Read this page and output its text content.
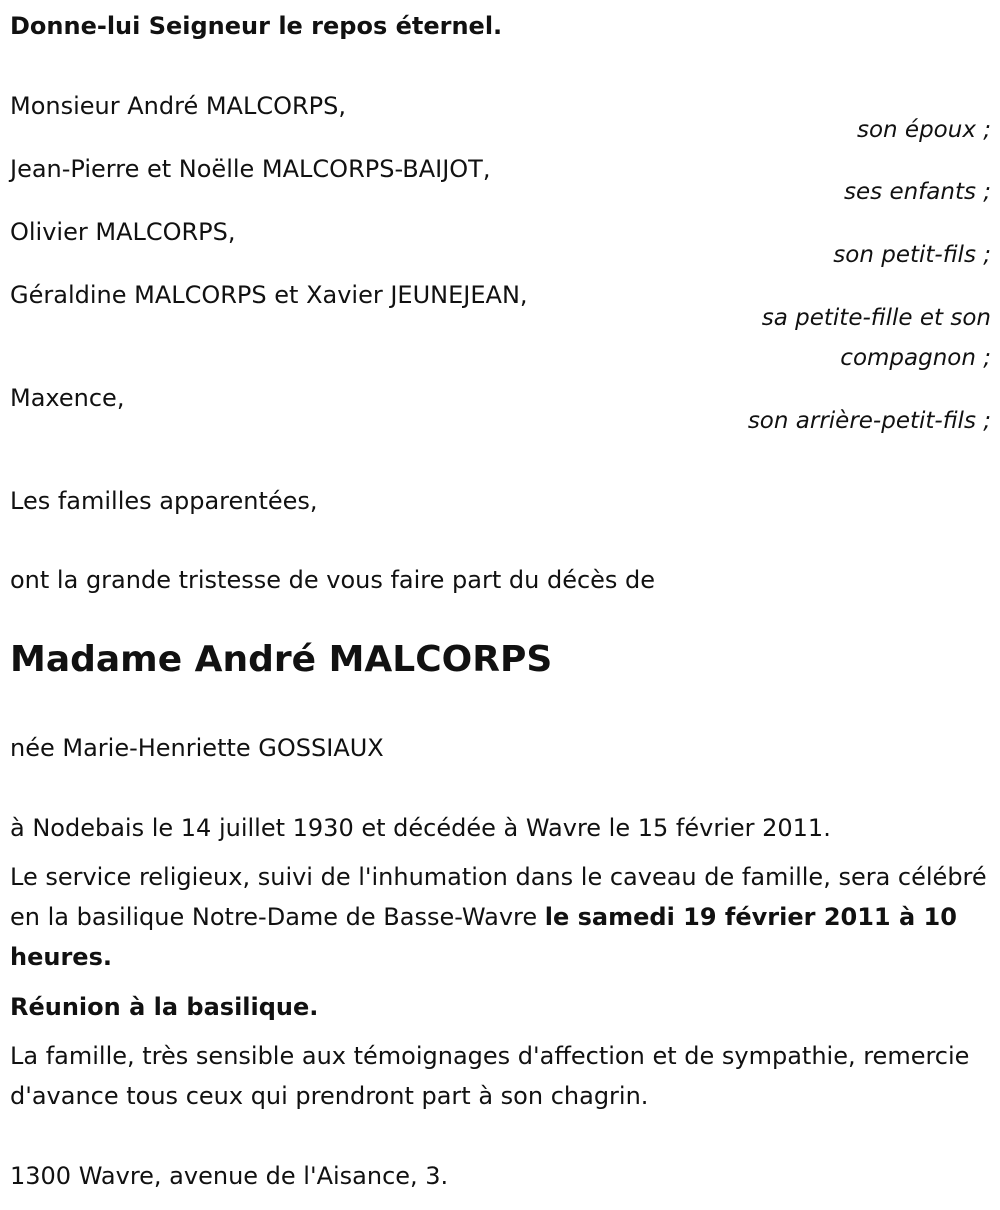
Donne-lui Seigneur le repos éternel.
Monsieur André MALCORPS,
son époux ;
Jean-Pierre et Noëlle MALCORPS-BAIJOT,
ses enfants ;
Olivier MALCORPS,
son petit-fils ;
Géraldine MALCORPS et Xavier JEUNEJEAN,
sa petite-fille et son compagnon ;
Maxence,
son arrière-petit-fils ;
Les familles apparentées,
ont la grande tristesse de vous faire part du décès de
Madame André MALCORPS
née Marie-Henriette GOSSIAUX
à Nodebais le 14 juillet 1930 et décédée à Wavre le 15 février 2011.
Le service religieux, suivi de l'inhumation dans le caveau de famille, sera célébré en la basilique Notre-Dame de Basse-Wavre le samedi 19 février 2011 à 10 heures.
Réunion à la basilique.
La famille, très sensible aux témoignages d'affection et de sympathie, remercie d'avance tous ceux qui prendront part à son chagrin.
1300 Wavre, avenue de l'Aisance, 3.
